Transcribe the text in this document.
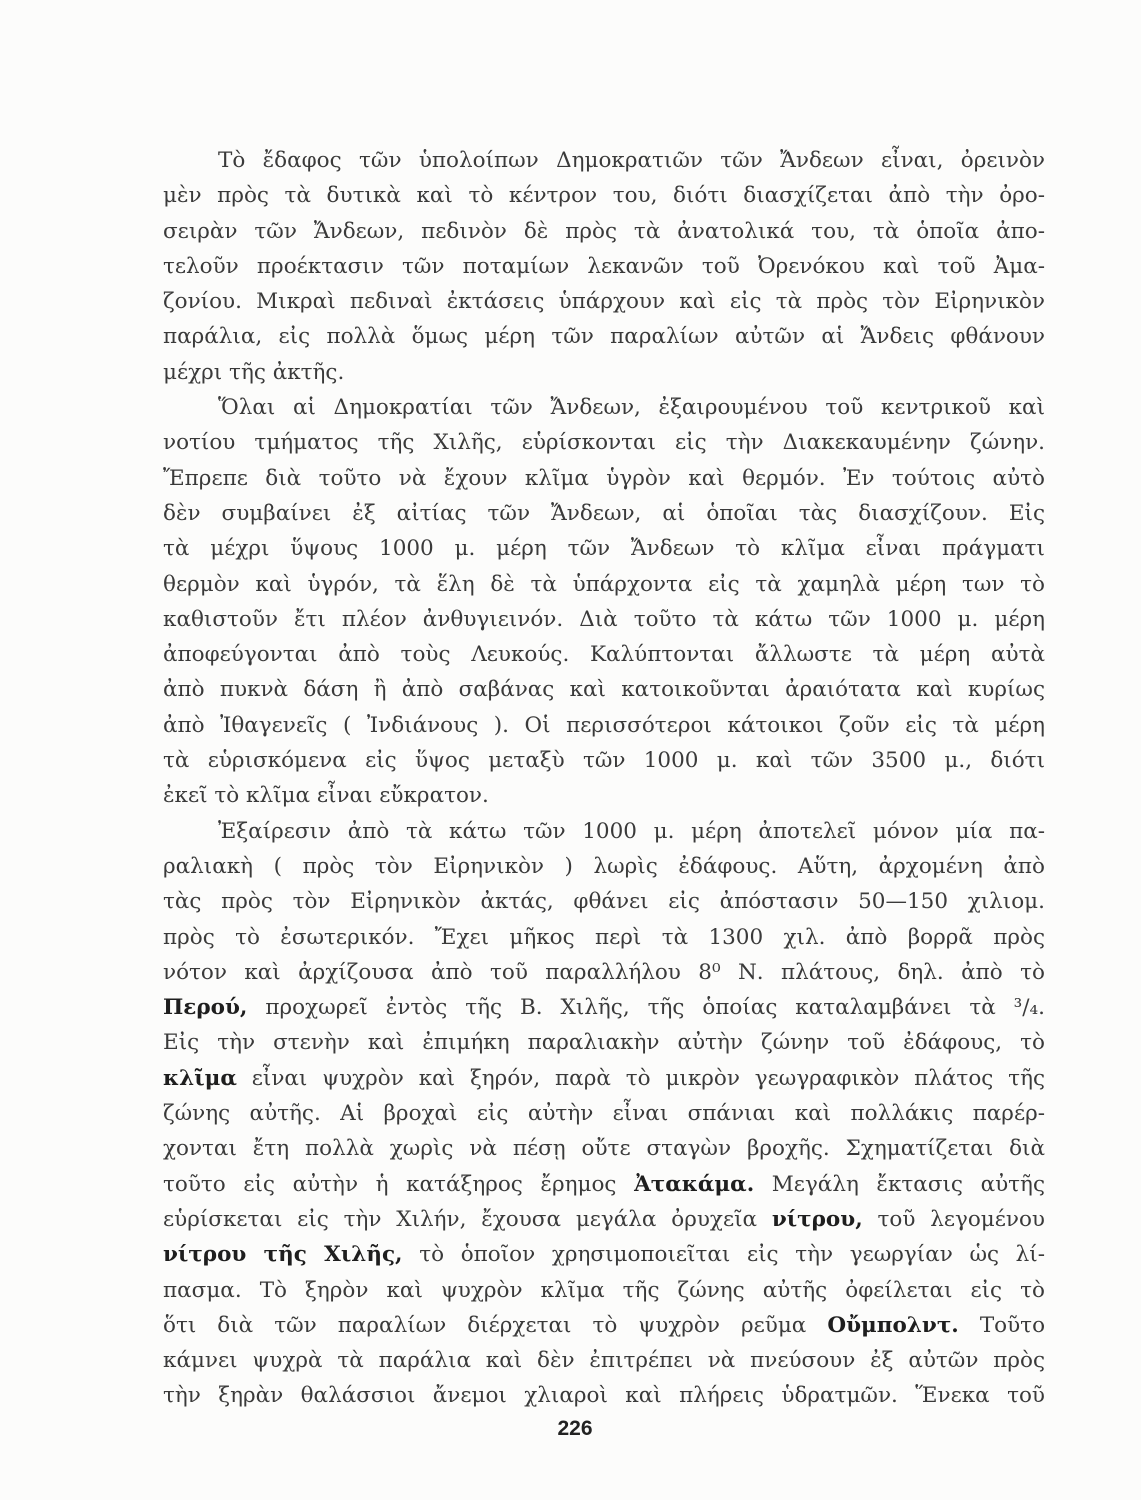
Τὸ ἔδαφος τῶν ὑπολοίπων Δημοκρατιῶν τῶν Ἄνδεων εἶναι, ὀρεινὸν
μὲν πρὸς τὰ δυτικὰ καὶ τὸ κέντρον του, διότι διασχίζεται ἀπὸ τὴν ὀρο-
σειρὰν τῶν Ἄνδεων, πεδινὸν δὲ πρὸς τὰ ἀνατολικά του, τὰ ὁποῖα ἀπο-
τελοῦν προέκτασιν τῶν ποταμίων λεκανῶν τοῦ Ὀρενόκου καὶ τοῦ Ἀμα-
ζονίου. Μικραὶ πεδιναὶ ἐκτάσεις ὑπάρχουν καὶ εἰς τὰ πρὸς τὸν Εἰρηνικὸν
παράλια, εἰς πολλὰ ὅμως μέρη τῶν παραλίων αὐτῶν αἱ Ἄνδεις φθάνουν
μέχρι τῆς ἀκτῆς.
Ὅλαι αἱ Δημοκρατίαι τῶν Ἄνδεων, ἐξαιρουμένου τοῦ κεντρικοῦ καὶ
νοτίου τμήματος τῆς Χιλῆς, εὑρίσκονται εἰς τὴν Διακεκαυμένην ζώνην.
Ἔπρεπε διὰ τοῦτο νὰ ἔχουν κλῖμα ὑγρὸν καὶ θερμόν. Ἐν τούτοις αὐτὸ
δὲν συμβαίνει ἐξ αἰτίας τῶν Ἄνδεων, αἱ ὁποῖαι τὰς διασχίζουν. Εἰς
τὰ μέχρι ὕψους 1000 μ. μέρη τῶν Ἄνδεων τὸ κλῖμα εἶναι πράγματι
θερμὸν καὶ ὑγρόν, τὰ ἕλη δὲ τὰ ὑπάρχοντα εἰς τὰ χαμηλὰ μέρη των τὸ
καθιστοῦν ἔτι πλέον ἀνθυγιεινόν. Διὰ τοῦτο τὰ κάτω τῶν 1000 μ. μέρη
ἀποφεύγονται ἀπὸ τοὺς Λευκούς. Καλύπτονται ἄλλωστε τὰ μέρη αὐτὰ
ἀπὸ πυκνὰ δάση ἢ ἀπὸ σαβάνας καὶ κατοικοῦνται ἀραιότατα καὶ κυρίως
ἀπὸ Ἰθαγενεῖς ( Ἰνδιάνους ). Οἱ περισσότεροι κάτοικοι ζοῦν εἰς τὰ μέρη
τὰ εὑρισκόμενα εἰς ὕψος μεταξὺ τῶν 1000 μ. καὶ τῶν 3500 μ., διότι
ἐκεῖ τὸ κλῖμα εἶναι εὔκρατον.
Ἐξαίρεσιν ἀπὸ τὰ κάτω τῶν 1000 μ. μέρη ἀποτελεῖ μόνον μία πα-
ραλιακὴ ( πρὸς τὸν Εἰρηνικὸν ) λωρὶς ἐδάφους. Αὕτη, ἀρχομένη ἀπὸ
τὰς πρὸς τὸν Εἰρηνικὸν ἀκτάς, φθάνει εἰς ἀπόστασιν 50—150 χιλιομ.
πρὸς τὸ ἐσωτερικόν. Ἔχει μῆκος περὶ τὰ 1300 χιλ. ἀπὸ βορρᾶ πρὸς
νότον καὶ ἀρχίζουσα ἀπὸ τοῦ παραλλήλου 8⁰ Ν. πλάτους, δηλ. ἀπὸ τὸ
Περού, προχωρεῖ ἐντὸς τῆς Β. Χιλῆς, τῆς ὁποίας καταλαμβάνει τὰ ³/₄.
Εἰς τὴν στενὴν καὶ ἐπιμήκη παραλιακὴν αὐτὴν ζώνην τοῦ ἐδάφους, τὸ
κλῖμα εἶναι ψυχρὸν καὶ ξηρόν, παρὰ τὸ μικρὸν γεωγραφικὸν πλάτος τῆς
ζώνης αὐτῆς. Αἱ βροχαὶ εἰς αὐτὴν εἶναι σπάνιαι καὶ πολλάκις παρέρ-
χονται ἔτη πολλὰ χωρὶς νὰ πέσῃ οὔτε σταγὼν βροχῆς. Σχηματίζεται διὰ
τοῦτο εἰς αὐτὴν ἡ κατάξηρος ἔρημος Ἀτακάμα. Μεγάλη ἔκτασις αὐτῆς
εὑρίσκεται εἰς τὴν Χιλήν, ἔχουσα μεγάλα ὀρυχεῖα νίτρου, τοῦ λεγομένου
νίτρου τῆς Χιλῆς, τὸ ὁποῖον χρησιμοποιεῖται εἰς τὴν γεωργίαν ὡς λί-
πασμα. Τὸ ξηρὸν καὶ ψυχρὸν κλῖμα τῆς ζώνης αὐτῆς ὀφείλεται εἰς τὸ
ὅτι διὰ τῶν παραλίων διέρχεται τὸ ψυχρὸν ρεῦμα Οὔμπολντ. Τοῦτο
κάμνει ψυχρὰ τὰ παράλια καὶ δὲν ἐπιτρέπει νὰ πνεύσουν ἐξ αὐτῶν πρὸς
τὴν ξηρὰν θαλάσσιοι ἄνεμοι χλιαροὶ καὶ πλήρεις ὑδρατμῶν. Ἕνεκα τοῦ
226
